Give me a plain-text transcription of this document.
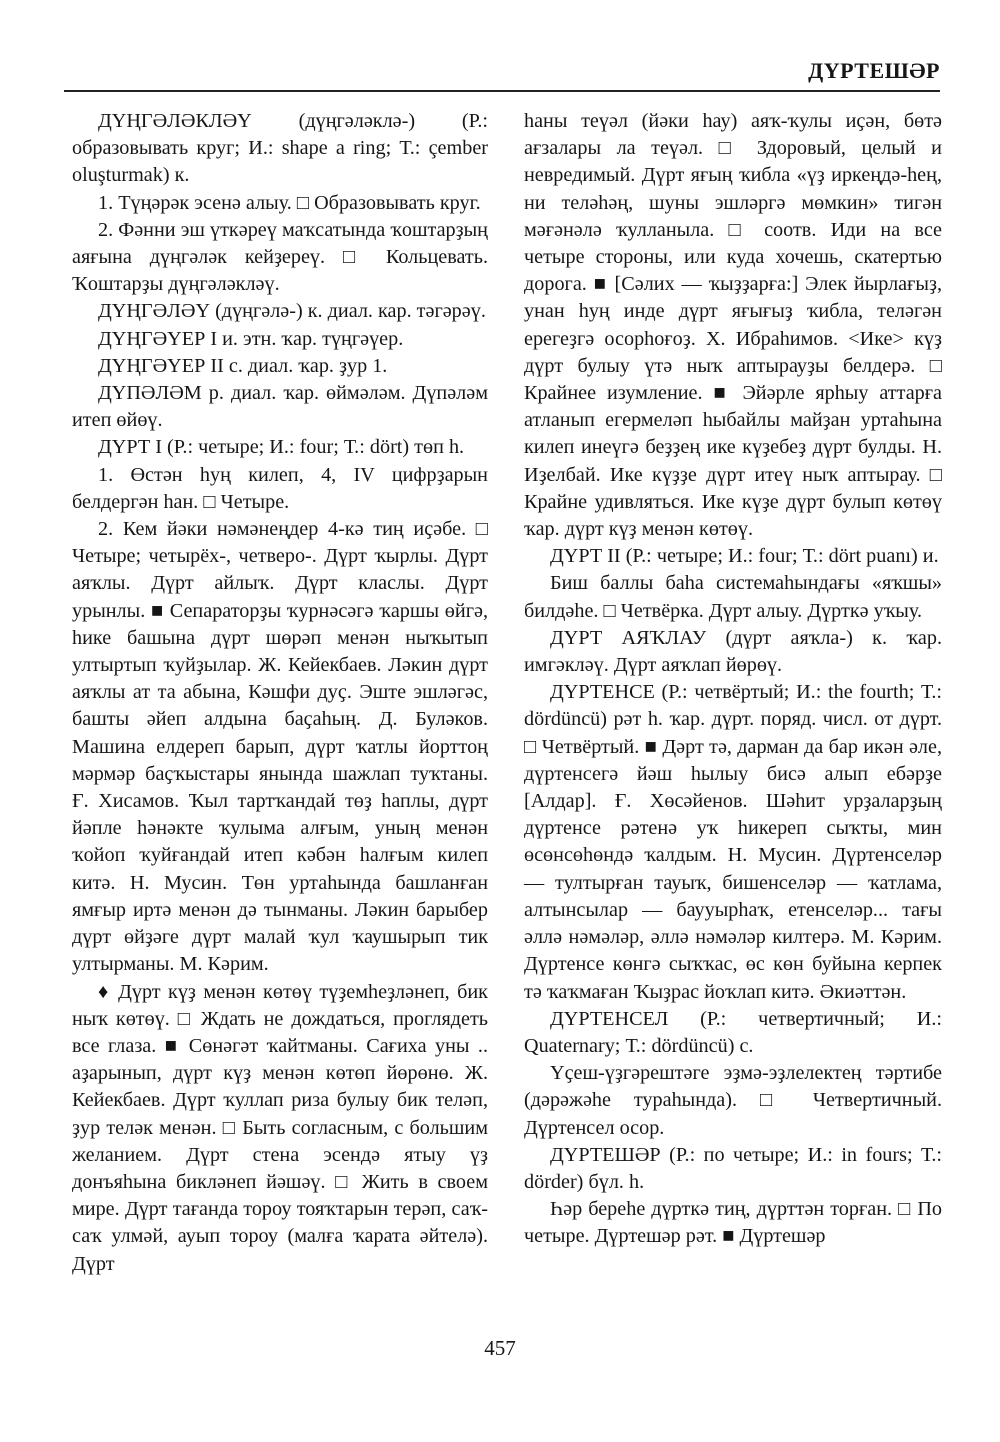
ДҮРТЕШӘР

ДҮҢГӘЛӘКЛӘҮ (дүңгәләклә-) (Р.: образовывать круг; И.: shape a ring; Т.: çember oluşturmak) к.

1. Түңәрәк эсенә алыу. □ Образовывать круг.

2. Фәнни эш үткәреү маҡсатында ҡоштарҙың аяғына дүңгәләк кейҙереү. □ Кольцевать. Ҡоштарҙы дүңгәләкләү.

ДҮҢГӘЛӘҮ (дүңгәлә-) к. диал. кар. тәгәрәү.

ДҮҢГӘҮЕР I и. этн. ҡар. түңгәүер.

ДҮҢГӘҮЕР II с. диал. ҡар. ҙур 1.

ДҮПӘЛӘМ р. диал. ҡар. өймәләм. Дүпәләм итеп өйөү.

ДҮРТ I (Р.: четыре; И.: four; Т.: dört) төп h.

1. Өстән һуң килеп, 4, IV цифрҙарын белдергән һан. □ Четыре.

2. Кем йәки нәмәнеңдер 4-кә тиң иҫәбе. □ Четыре; четырёх-, четверо-. Дүрт ҡырлы. Дүрт аяҡлы. Дүрт айлыҡ. Дүрт класлы. Дүрт урынлы. ■ Сепараторҙы ҡурнәсәгә ҡаршы өйгә, һике башына дүрт шөрәп менән ныҡытып ултыртып ҡуйҙылар. Ж. Кейекбаев. Ләкин дүрт аяҡлы ат та абына, Кәшфи дуҫ. Эште эшләгәс, башты әйеп алдына баҫаһың. Д. Буләков. Машина елдереп барып, дүрт ҡатлы йорттоң мәрмәр баҫҡыстары янында шажлап туҡтаны. Ғ. Хисамов. Ҡыл тартҡандай төҙ һаплы, дүрт йәпле һәнәкте ҡулыма алғым, уның менән ҡойоп ҡуйғандай итеп кәбән һалғым килеп китә. Н. Мусин. Төн уртаһында башланған ямғыр иртә менән дә тынманы. Ләкин барыбер дүрт өйҙәге дүрт малай ҡул ҡаушырып тик ултырманы. М. Кәрим.

♦ Дүрт күҙ менән көтөү түҙемһеҙләнеп, бик ныҡ көтөү. □ Ждать не дождаться, проглядеть все глаза. ■ Сөнәгәт ҡайтманы. Сағиха уны .. аҙарынып, дүрт күҙ менән көтөп йөрөнө. Ж. Кейекбаев. Дүрт ҡуллап риза булыу бик теләп, ҙур теләк менән. □ Быть согласным, с большим желанием. Дүрт стена эсендә ятыу үҙ донъяһына бикләнеп йәшәү. □ Жить в своем мире. Дүрт тағанда тороу тояҡтарын терәп, саҡ-саҡ улмәй, ауып тороу (малға ҡарата әйтелә). Дүрт

һаны теүәл (йәки һау) аяҡ-ҡулы иҫән, бөтә ағзалары ла теүәл. □ Здоровый, целый и невредимый. Дүрт яғың ҡибла «үҙ иркеңдә-һең, ни теләһәң, шуны эшләргә мөмкин» тигән мәғәнәлә ҡулланыла. □ соотв. Иди на все четыре стороны, или куда хочешь, скатертью дорога. ■ [Сәлих — ҡыҙҙарға:] Элек йырлағыҙ, унан һуң инде дүрт яғығыҙ ҡибла, теләгән ерегеҙгә осорһоғоҙ. Х. Ибраһимов. <Ике> күҙ дүрт булыу үтә ныҡ аптырауҙы белдерә. □ Крайнее изумление. ■ Эйәрле ярһыу аттарға атланып егермеләп һыбайлы майҙан уртаһына килеп инеүгә беҙҙең ике күҙебеҙ дүрт булды. Н. Иҙелбай. Ике күҙҙе дүрт итеү ныҡ аптырау. □ Крайне удивляться. Ике күҙе дүрт булып көтөү ҡар. дүрт күҙ менән көтөү.

ДҮРТ II (Р.: четыре; И.: four; Т.: dört puanı) и.

Биш баллы баһа системаһындағы «яҡшы» билдәһе. □ Четвёрка. Дүрт алыу. Дүрткә уҡыу.

ДҮРТ АЯҠЛАУ (дүрт аяҡла-) к. ҡар. имгәкләү. Дүрт аяҡлап йөрөү.

ДҮРТЕНСЕ (Р.: четвёртый; И.: the fourth; Т.: dördüncü) рәт h. ҡар. дүрт. поряд. числ. от дүрт. □ Четвёртый. ■ Дәрт тә, дарман да бар икән әле, дүртенсегә йәш һылыу бисә алып ебәрҙе [Алдар]. Ғ. Хөсәйенов. Шәһит урҙаларҙың дүртенсе рәтенә уҡ һикереп сыҡты, мин өсөнсөһөндә ҡалдым. Н. Мусин. Дүртенселәр — тултырған тауыҡ, бишенселәр — ҡатлама, алтынсылар — баууырһаҡ, етенселәр... тағы әллә нәмәләр, әллә нәмәләр килтерә. М. Кәрим. Дүртенсе көнгә сыҡҡас, өс көн буйына керпек тә ҡаҡмаған Ҡыҙрас йоҡлап китә. Әкиәттән.

ДҮРТЕНСЕЛ (Р.: четвертичный; И.: Quaternary; Т.: dördüncü) с.

Үҫеш-үҙгәрештәге эҙмә-эҙлелектең тәртибе (дәрәжәһе тураһында). □ Четвертичный. Дүртенсел осор.

ДҮРТЕШӘР (Р.: по четыре; И.: in fours; Т.: dörder) бүл. h.

Һәр береһе дүрткә тиң, дүрттән торған. □ По четыре. Дүртешәр рәт. ■ Дүртешәр

457
